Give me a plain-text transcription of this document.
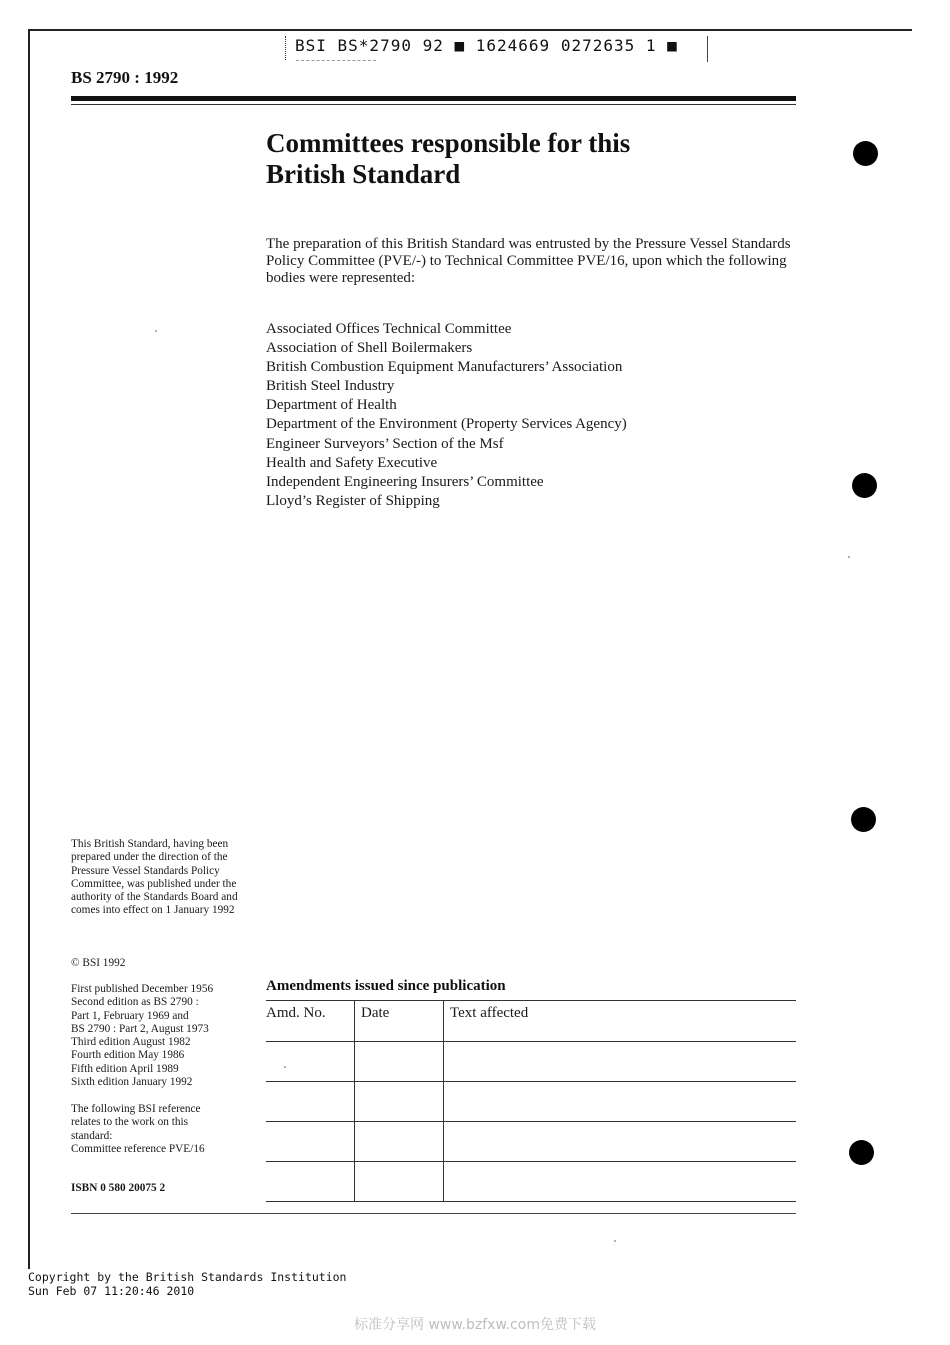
BSI BS*2790 92 ■ 1624669 0272635 1 ■
BS 2790 : 1992
Committees responsible for this
British Standard

The preparation of this British Standard was entrusted by the Pressure Vessel Standards Policy Committee (PVE/-) to Technical Committee PVE/16, upon which the following bodies were represented:

Associated Offices Technical Committee
Association of Shell Boilermakers
British Combustion Equipment Manufacturers’ Association
British Steel Industry
Department of Health
Department of the Environment (Property Services Agency)
Engineer Surveyors’ Section of the Msf
Health and Safety Executive
Independent Engineering Insurers’ Committee
Lloyd’s Register of Shipping
This British Standard, having been prepared under the direction of the Pressure Vessel Standards Policy Committee, was published under the authority of the Standards Board and comes into effect on 1 January 1992
© BSI 1992
First published December 1956
Second edition as BS 2790 :
Part 1, February 1969 and
BS 2790 : Part 2, August 1973
Third edition August 1982
Fourth edition May 1986
Fifth edition April 1989
Sixth edition January 1992
The following BSI reference
relates to the work on this
standard:
Committee reference PVE/16
ISBN 0 580 20075 2
Amendments issued since publication
Amd. No.	Date	Text affected

Copyright by the British Standards Institution
Sun Feb 07 11:20:46 2010
标准分享网 www.bzfxw.com免费下载
